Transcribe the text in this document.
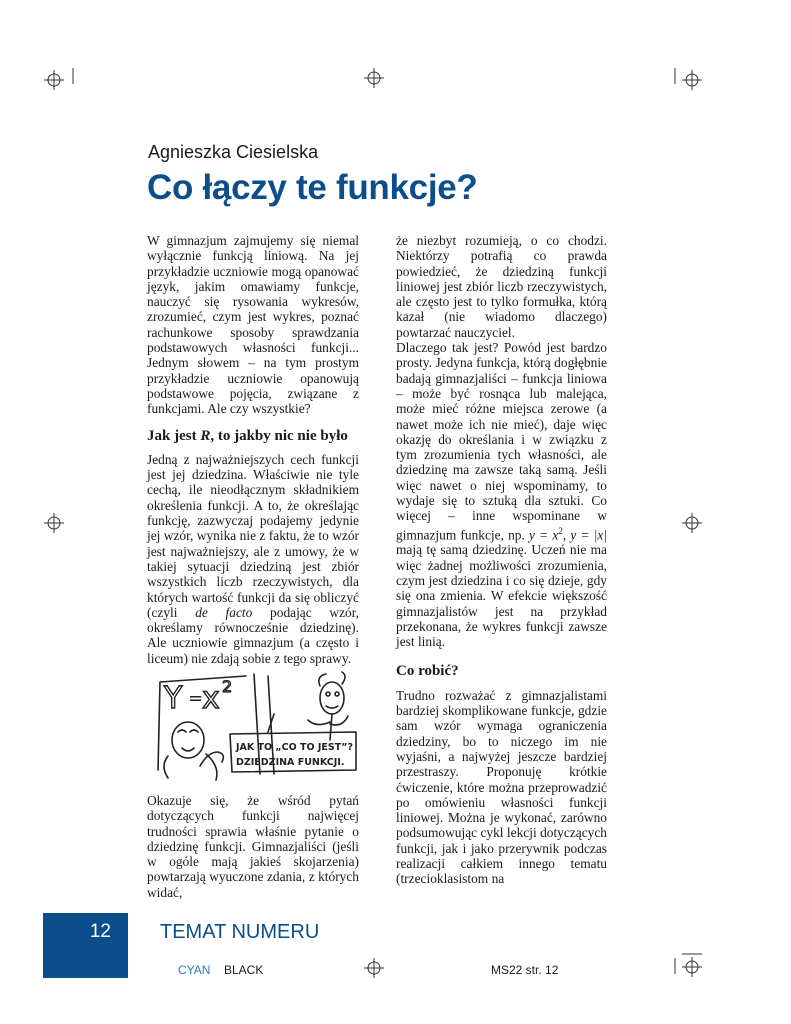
Agnieszka Ciesielska
Co łączy te funkcje?

W gimnazjum zajmujemy się niemal wyłącznie funkcją liniową. Na jej przykładzie uczniowie mogą opanować język, jakim omawiamy funkcje, nauczyć się rysowania wykresów, zrozumieć, czym jest wykres, poznać rachunkowe sposoby sprawdzania podstawowych własności funkcji... Jednym słowem – na tym prostym przykładzie uczniowie opanowują podstawowe pojęcia, związane z funkcjami. Ale czy wszystkie?

Jak jest R, to jakby nic nie było

Jedną z najważniejszych cech funkcji jest jej dziedzina. Właściwie nie tyle cechą, ile nieodłącznym składnikiem określenia funkcji. A to, że określając funkcję, zazwyczaj podajemy jedynie jej wzór, wynika nie z faktu, że to wzór jest najważniejszy, ale z umowy, że w takiej sytuacji dziedziną jest zbiór wszystkich liczb rzeczywistych, dla których wartość funkcji da się obliczyć (czyli de facto podając wzór, określamy równocześnie dziedzinę). Ale uczniowie gimnazjum (a często i liceum) nie zdają sobie z tego sprawy.

Y =
x 2
JAK TO „CO TO JEST”?
DZIEDZINA FUNKCJI.

Okazuje się, że wśród pytań dotyczących funkcji najwięcej trudności sprawia właśnie pytanie o dziedzinę funkcji. Gimnazjaliści (jeśli w ogóle mają jakieś skojarzenia) powtarzają wyuczone zdania, z których widać,

że niezbyt rozumieją, o co chodzi. Niektórzy potrafią co prawda powiedzieć, że dziedziną funkcji liniowej jest zbiór liczb rzeczywistych, ale często jest to tylko formułka, którą kazał (nie wiadomo dlaczego) powtarzać nauczyciel.

Dlaczego tak jest? Powód jest bardzo prosty. Jedyna funkcja, którą dogłębnie badają gimnazjaliści – funkcja liniowa – może być rosnąca lub malejąca, może mieć różne miejsca zerowe (a nawet może ich nie mieć), daje więc okazję do określania i w związku z tym zrozumienia tych własności, ale dziedzinę ma zawsze taką samą. Jeśli więc nawet o niej wspominamy, to wydaje się to sztuką dla sztuki. Co więcej – inne wspominane w gimnazjum funkcje, np. $y = x^2$, y = |x| mają tę samą dziedzinę. Uczeń nie ma więc żadnej możliwości zrozumienia, czym jest dziedzina i co się dzieje, gdy się ona zmienia. W efekcie większość gimnazjalistów jest na przykład przekonana, że wykres funkcji zawsze jest linią.

Co robić?

Trudno rozważać z gimnazjalistami bardziej skomplikowane funkcje, gdzie sam wzór wymaga ograniczenia dziedziny, bo to niczego im nie wyjaśni, a najwyżej jeszcze bardziej przestraszy. Proponuję krótkie ćwiczenie, które można przeprowadzić po omówieniu własności funkcji liniowej. Można je wykonać, zarówno podsumowując cykl lekcji dotyczących funkcji, jak i jako przerywnik podczas realizacji całkiem innego tematu (trzecioklasistom na

12 TEMAT NUMERU
CYAN BLACK	MS22 str. 12
